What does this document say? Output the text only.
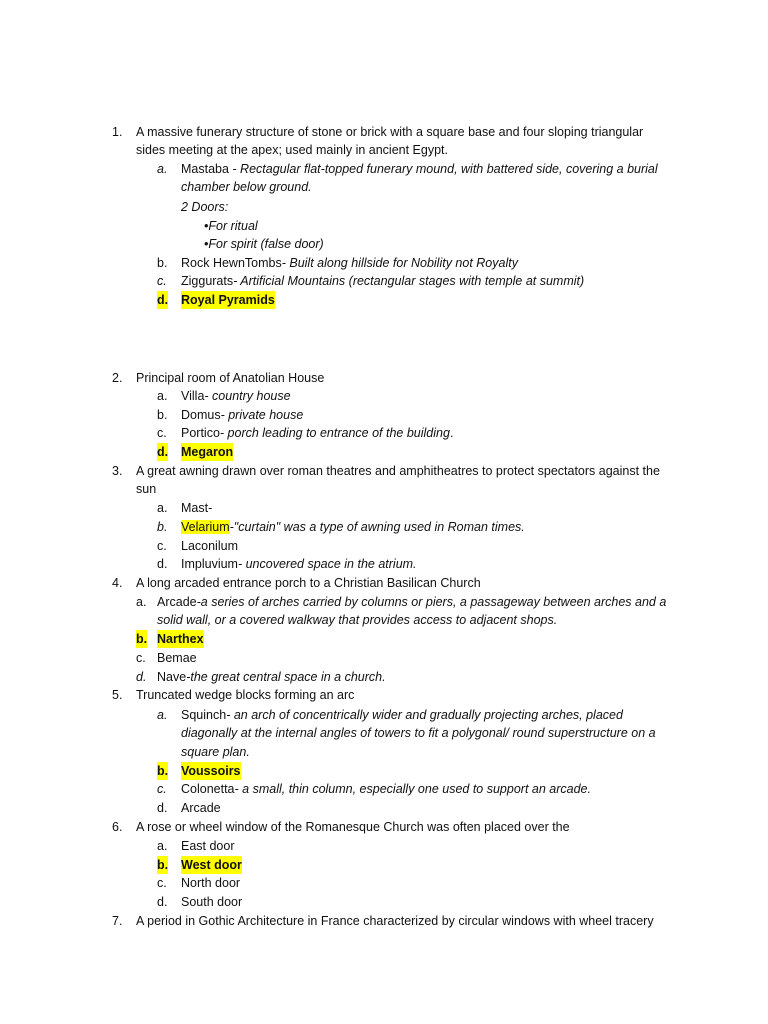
1. A massive funerary structure of stone or brick with a square base and four sloping triangular
sides meeting at the apex; used mainly in ancient Egypt.
a. Mastaba - Rectagular flat-topped funerary mound, with battered side, covering a burial
chamber below ground.
2 Doors:
•For ritual
•For spirit (false door)
b. Rock HewnTombs- Built along hillside for Nobility not Royalty
c. Ziggurats- Artificial Mountains (rectangular stages with temple at summit)
d. Royal Pyramids
2. Principal room of Anatolian House
a. Villa- country house
b. Domus- private house
c. Portico- porch leading to entrance of the building.
d. Megaron
3. A great awning drawn over roman theatres and amphitheatres to protect spectators against the
sun
a. Mast-
b. Velarium-"curtain" was a type of awning used in Roman times.
c. Laconilum
d. Impluvium- uncovered space in the atrium.
4. A long arcaded entrance porch to a Christian Basilican Church
a. Arcade-a series of arches carried by columns or piers, a passageway between arches and a
solid wall, or a covered walkway that provides access to adjacent shops.
b. Narthex
c. Bemae
d. Nave-the great central space in a church.
5. Truncated wedge blocks forming an arc
a. Squinch- an arch of concentrically wider and gradually projecting arches, placed
diagonally at the internal angles of towers to fit a polygonal/ round superstructure on a
square plan.
b. Voussoirs
c. Colonetta- a small, thin column, especially one used to support an arcade.
d. Arcade
6. A rose or wheel window of the Romanesque Church was often placed over the
a. East door
b. West door
c. North door
d. South door
7. A period in Gothic Architecture in France characterized by circular windows with wheel tracery
